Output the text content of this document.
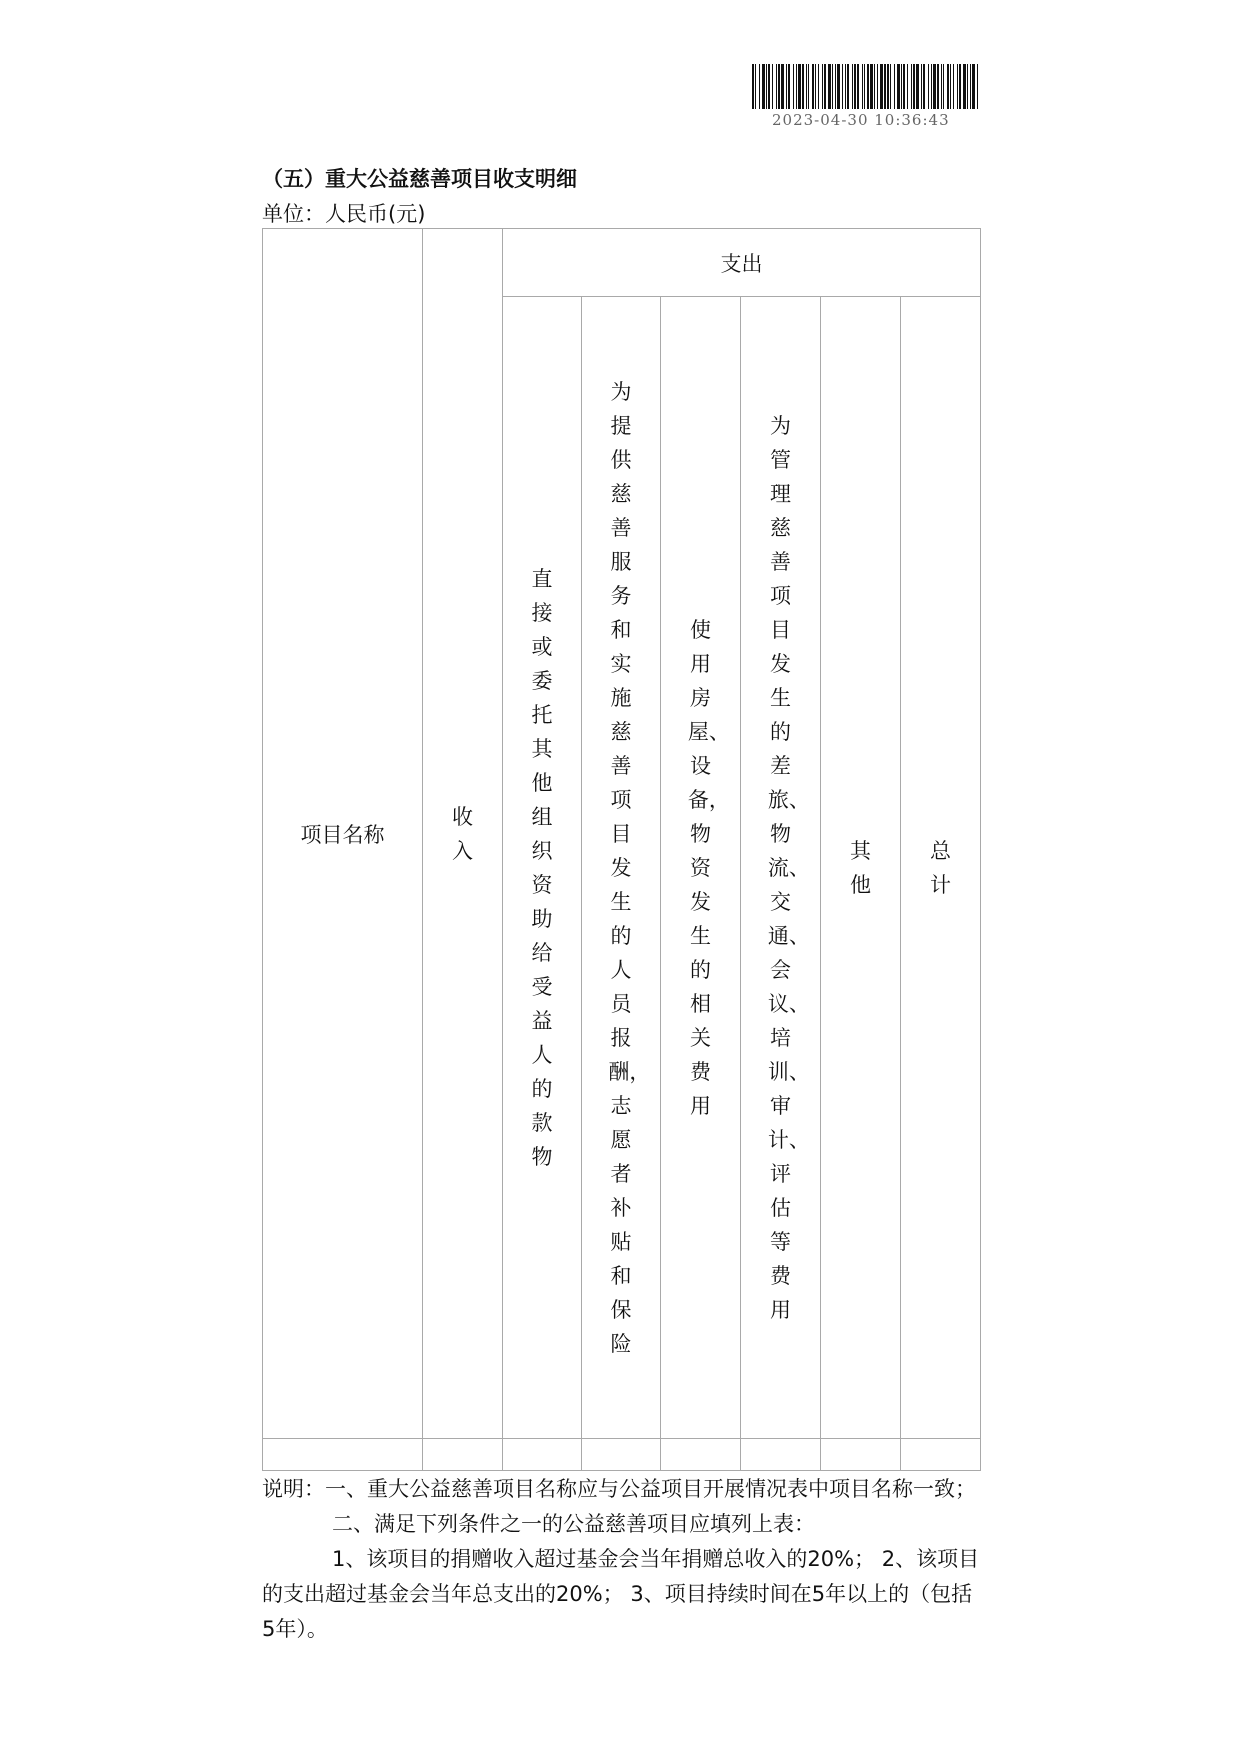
2023-04-30 10:36:43
（五）重大公益慈善项目收支明细
单位：人民币(元)
项目名称	收入	支出					
		直接或委托其他组织资助给受益人的款物	为提供慈善服务和实施慈善项目发生的人员报酬，志愿者补贴和保险	使用房屋、设备，物资发生的相关费用	为管理慈善项目发生的差旅、物流、交通、会议、培训、审计、评估等费用	其他	总计

说明：一、重大公益慈善项目名称应与公益项目开展情况表中项目名称一致；

二、满足下列条件之一的公益慈善项目应填列上表：

1、该项目的捐赠收入超过基金会当年捐赠总收入的20%； 2、该项目的支出超过基金会当年总支出的20%； 3、项目持续时间在5年以上的（包括5年）。
